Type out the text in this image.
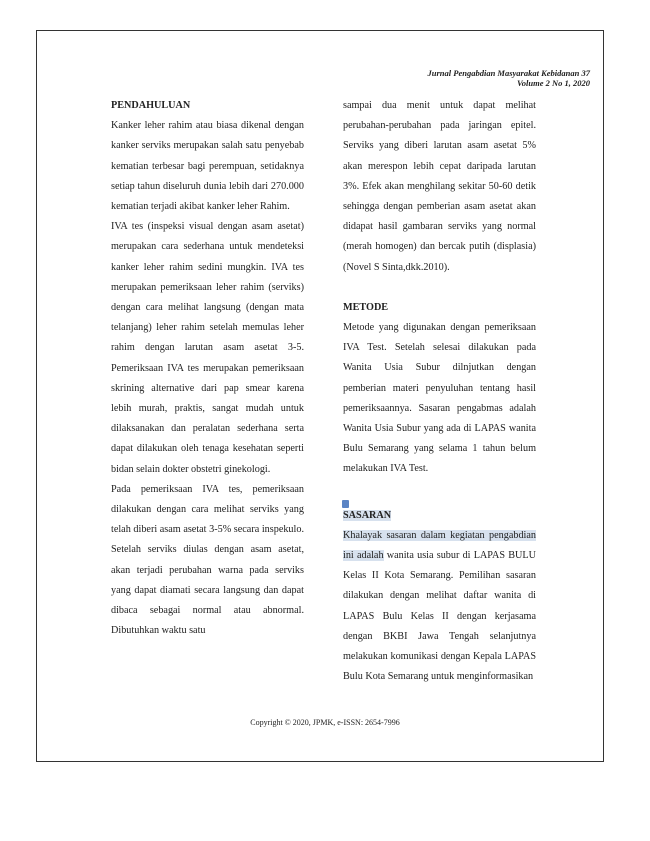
Jurnal Pengabdian Masyarakat Kebidanan 37
Volume 2 No 1, 2020
PENDAHULUAN
Kanker leher rahim atau biasa dikenal dengan kanker serviks merupakan salah satu penyebab kematian terbesar bagi perempuan, setidaknya setiap tahun diseluruh dunia lebih dari 270.000 kematian terjadi akibat kanker leher Rahim.
IVA tes (inspeksi visual dengan asam asetat) merupakan cara sederhana untuk mendeteksi kanker leher rahim sedini mungkin. IVA tes merupakan pemeriksaan leher rahim (serviks) dengan cara melihat langsung (dengan mata telanjang) leher rahim setelah memulas leher rahim dengan larutan asam asetat 3-5. Pemeriksaan IVA tes merupakan pemeriksaan skrining alternative dari pap smear karena lebih murah, praktis, sangat mudah untuk dilaksanakan dan peralatan sederhana serta dapat dilakukan oleh tenaga kesehatan seperti bidan selain dokter obstetri ginekologi.
Pada pemeriksaan IVA tes, pemeriksaan dilakukan dengan cara melihat serviks yang telah diberi asam asetat 3-5% secara inspekulo. Setelah serviks diulas dengan asam asetat, akan terjadi perubahan warna pada serviks yang dapat diamati secara langsung dan dapat dibaca sebagai normal atau abnormal. Dibutuhkan waktu satu
sampai dua menit untuk dapat melihat perubahan-perubahan pada jaringan epitel. Serviks yang diberi larutan asam asetat 5% akan merespon lebih cepat daripada larutan 3%. Efek akan menghilang sekitar 50-60 detik sehingga dengan pemberian asam asetat akan didapat hasil gambaran serviks yang normal (merah homogen) dan bercak putih (displasia) (Novel S Sinta,dkk.2010).
METODE
Metode yang digunakan dengan pemeriksaan IVA Test. Setelah selesai dilakukan pada Wanita Usia Subur dilnjutkan dengan pemberian materi penyuluhan tentang hasil pemeriksaannya. Sasaran pengabmas adalah Wanita Usia Subur yang ada di LAPAS wanita Bulu Semarang yang selama 1 tahun belum melakukan IVA Test.
SASARAN
Khalayak sasaran dalam kegiatan pengabdian ini adalah wanita usia subur di LAPAS BULU Kelas II Kota Semarang. Pemilihan sasaran dilakukan dengan melihat daftar wanita di LAPAS Bulu Kelas II dengan kerjasama dengan BKBI Jawa Tengah selanjutnya melakukan komunikasi dengan Kepala LAPAS Bulu Kota Semarang untuk menginformasikan
Copyright © 2020, JPMK, e-ISSN: 2654-7996
